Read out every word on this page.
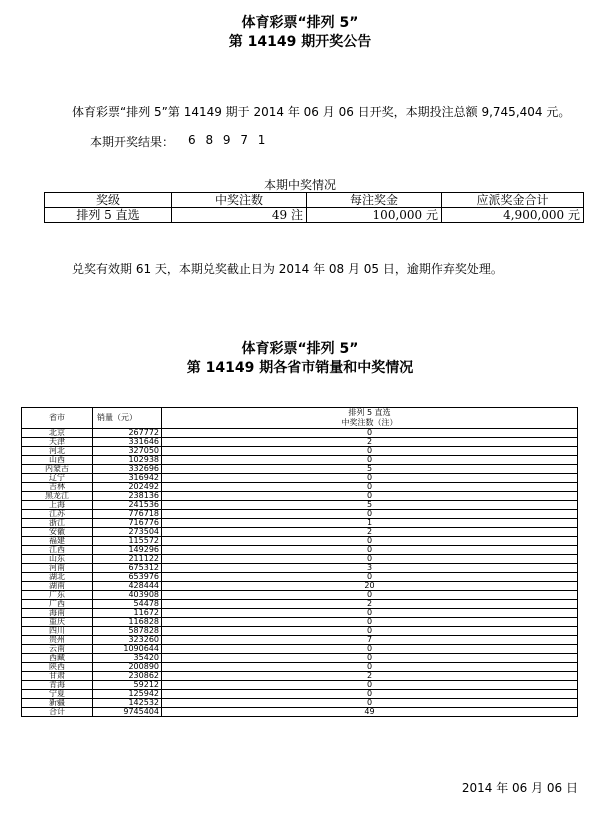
体育彩票“排列 5”
第 14149 期开奖公告
体育彩票“排列 5”第 14149 期于 2014 年 06 月 06 日开奖，本期投注总额 9,745,404 元。
本期开奖结果： 6 8 9 7 1
本期中奖情况
奖级	中奖注数	每注奖金	应派奖金合计
排列 5 直选	49 注	100,000 元	4,900,000 元
兑奖有效期 61 天，本期兑奖截止日为 2014 年 08 月 05 日，逾期作弃奖处理。
体育彩票“排列 5”
第 14149 期各省市销量和中奖情况
省市	销量（元）	排列 5 直选
中奖注数（注）

北京	267772	0
天津	331646	2
河北	327050	0
山西	102938	0
内蒙古	332696	5
辽宁	316942	0
吉林	202492	0
黑龙江	238136	0
上海	241536	5
江苏	776718	0
浙江	716776	1
安徽	273504	2
福建	115572	0
江西	149296	0
山东	211122	0
河南	675312	3
湖北	653976	0
湖南	428444	20
广东	403908	0
广西	54478	2
海南	11672	0
重庆	116828	0
四川	587828	0
贵州	323260	7
云南	1090644	0
西藏	35420	0
陕西	200890	0
甘肃	230862	2
青海	59212	0
宁夏	125942	0
新疆	142532	0
合计	9745404	49
2014 年 06 月 06 日
